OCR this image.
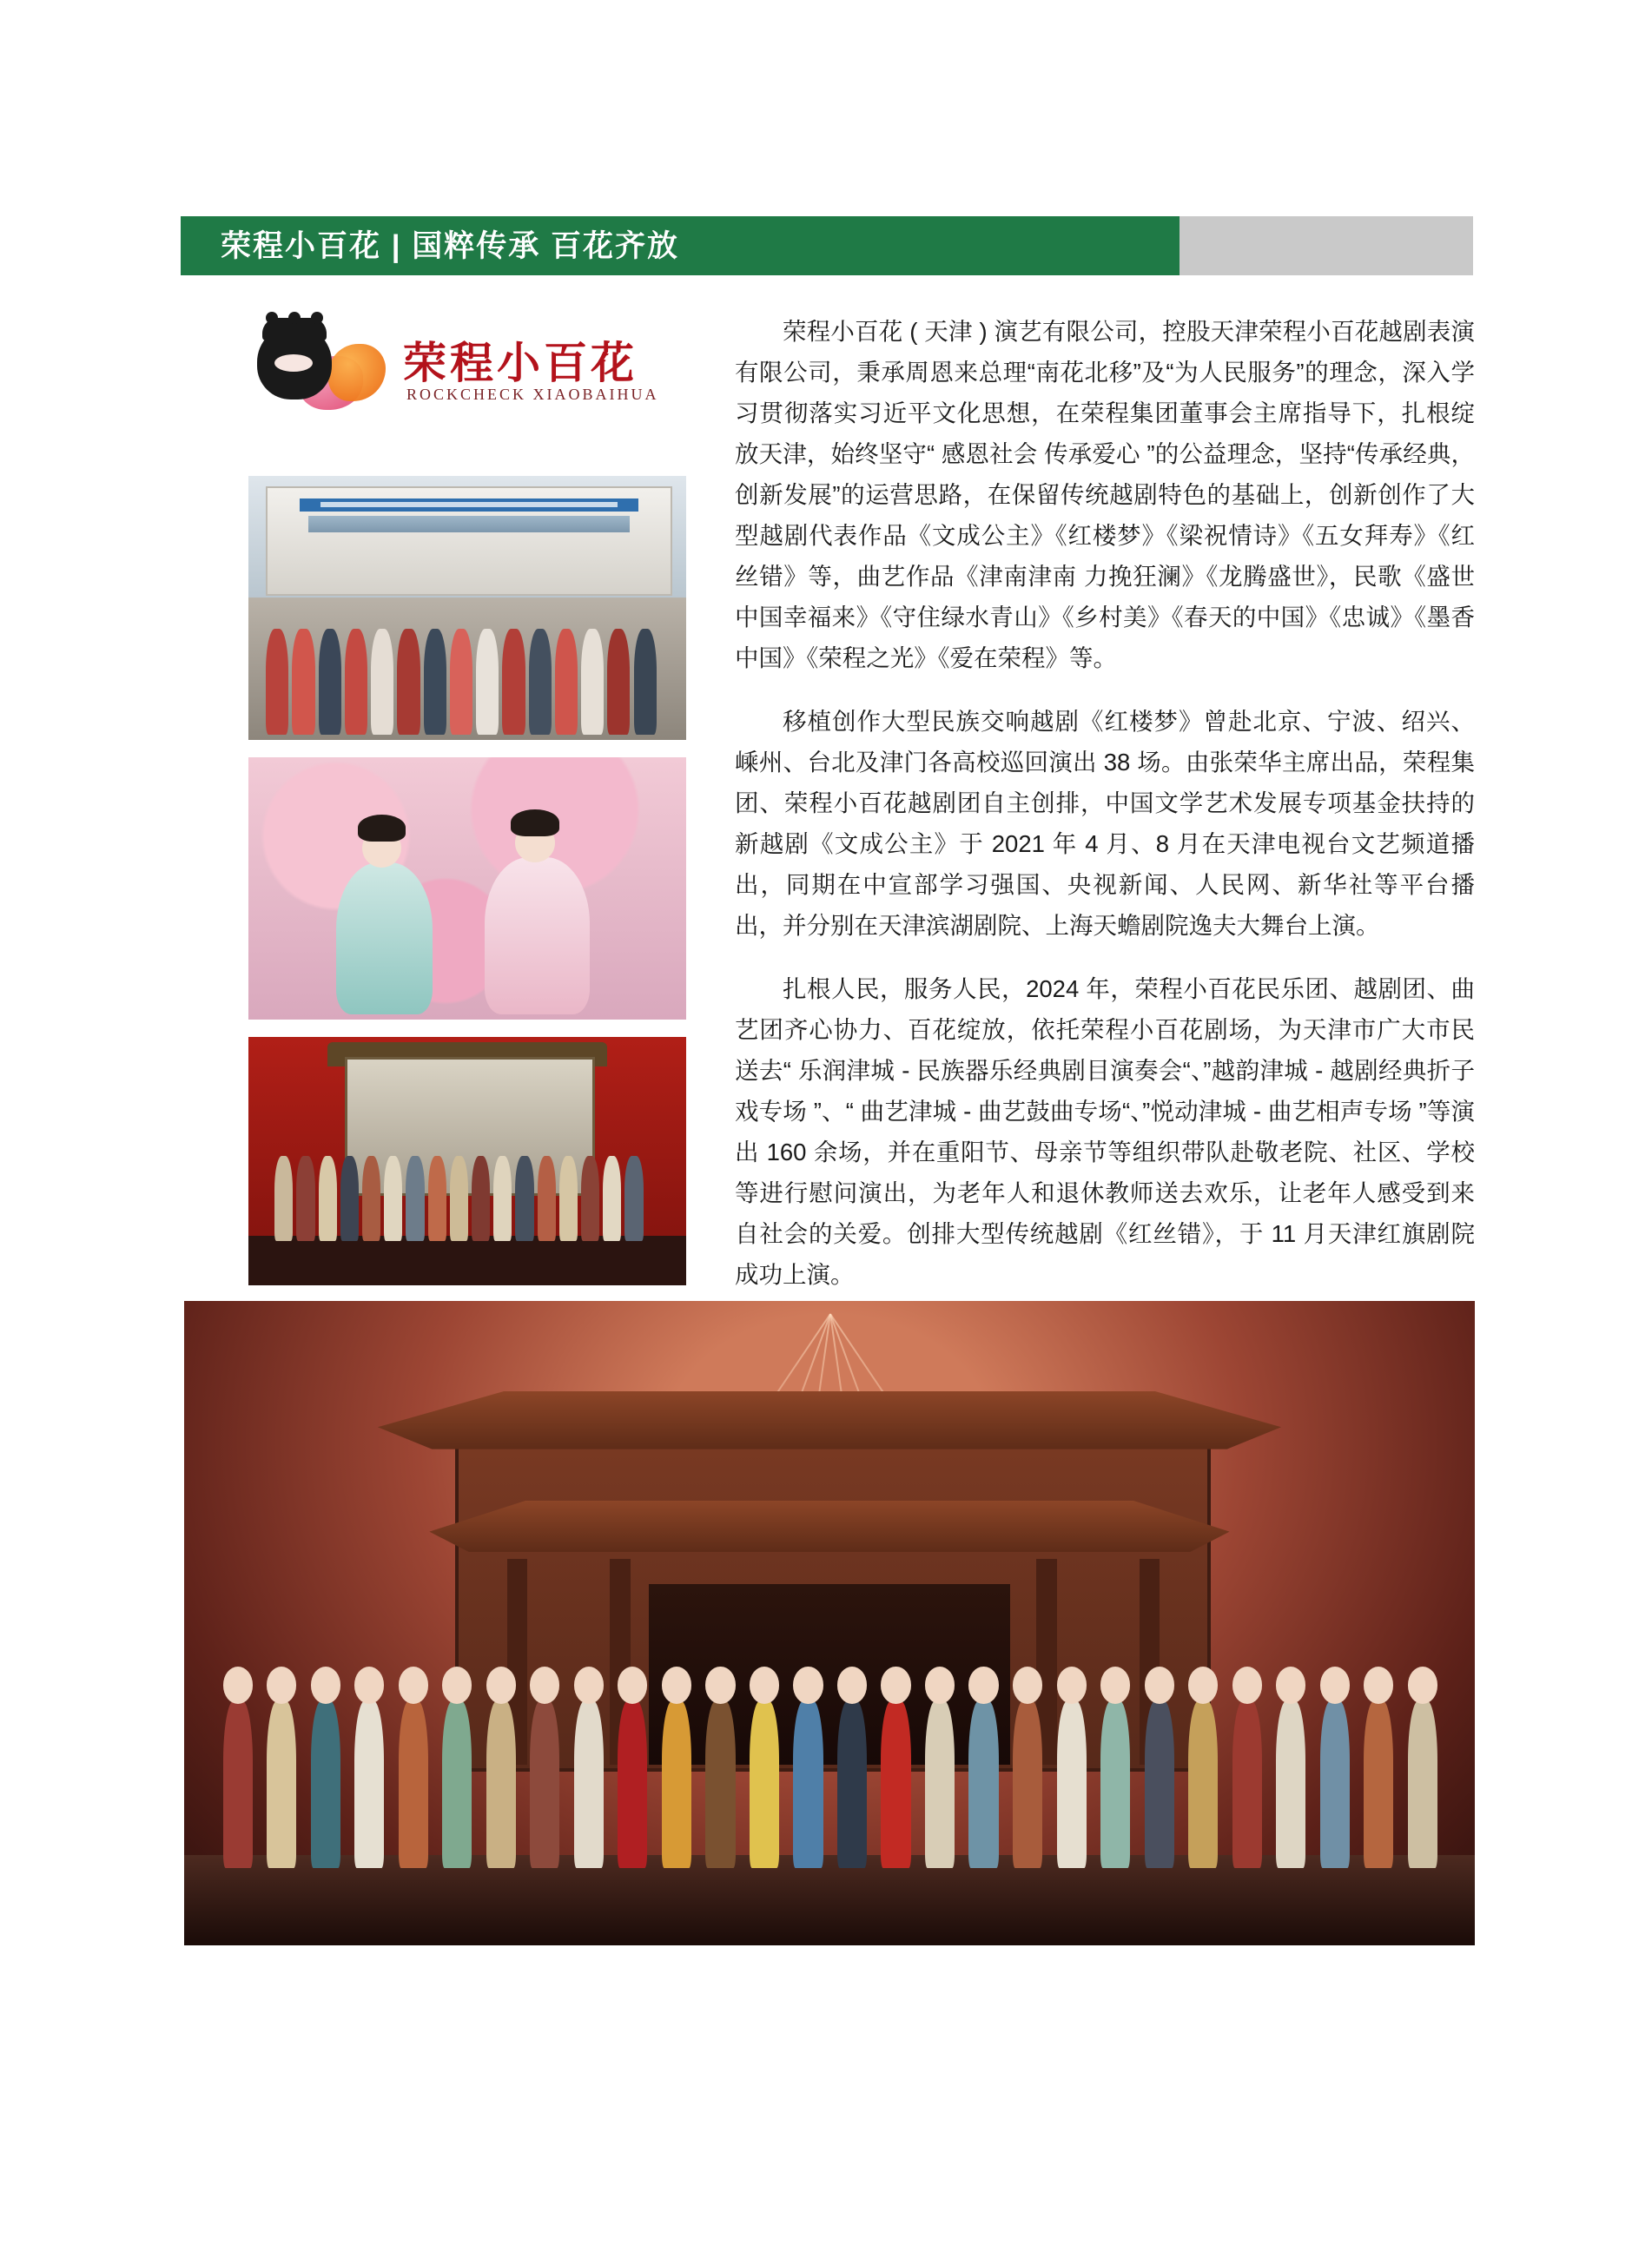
荣程小百花 | 国粹传承 百花齐放
荣程小百花
ROCKCHECK XIAOBAIHUA

荣程小百花 ( 天津 ) 演艺有限公司，控股天津荣程小百花越剧表演有限公司，秉承周恩来总理“南花北移”及“为人民服务”的理念，深入学习贯彻落实习近平文化思想，在荣程集团董事会主席指导下，扎根绽放天津，始终坚守“ 感恩社会 传承爱心 ”的公益理念，坚持“传承经典，创新发展”的运营思路，在保留传统越剧特色的基础上，创新创作了大型越剧代表作品《文成公主》《红楼梦》《梁祝情诗》《五女拜寿》《红丝错》等，曲艺作品《津南津南 力挽狂澜》《龙腾盛世》，民歌《盛世中国幸福来》《守住绿水青山》《乡村美》《春天的中国》《忠诚》《墨香中国》《荣程之光》《爱在荣程》等。

移植创作大型民族交响越剧《红楼梦》曾赴北京、宁波、绍兴、嵊州、台北及津门各高校巡回演出 38 场。由张荣华主席出品，荣程集团、荣程小百花越剧团自主创排，中国文学艺术发展专项基金扶持的新越剧《文成公主》于 2021 年 4 月、8 月在天津电视台文艺频道播出，同期在中宣部学习强国、央视新闻、人民网、新华社等平台播出，并分别在天津滨湖剧院、上海天蟾剧院逸夫大舞台上演。

扎根人民，服务人民，2024 年，荣程小百花民乐团、越剧团、曲艺团齐心协力、百花绽放，依托荣程小百花剧场，为天津市广大市民送去“ 乐润津城 - 民族器乐经典剧目演奏会“、”越韵津城 - 越剧经典折子戏专场 ”、“ 曲艺津城 - 曲艺鼓曲专场“、”悦动津城 - 曲艺相声专场 ”等演出 160 余场，并在重阳节、母亲节等组织带队赴敬老院、社区、学校等进行慰问演出，为老年人和退休教师送去欢乐，让老年人感受到来自社会的关爱。创排大型传统越剧《红丝错》，于 11 月天津红旗剧院成功上演。
